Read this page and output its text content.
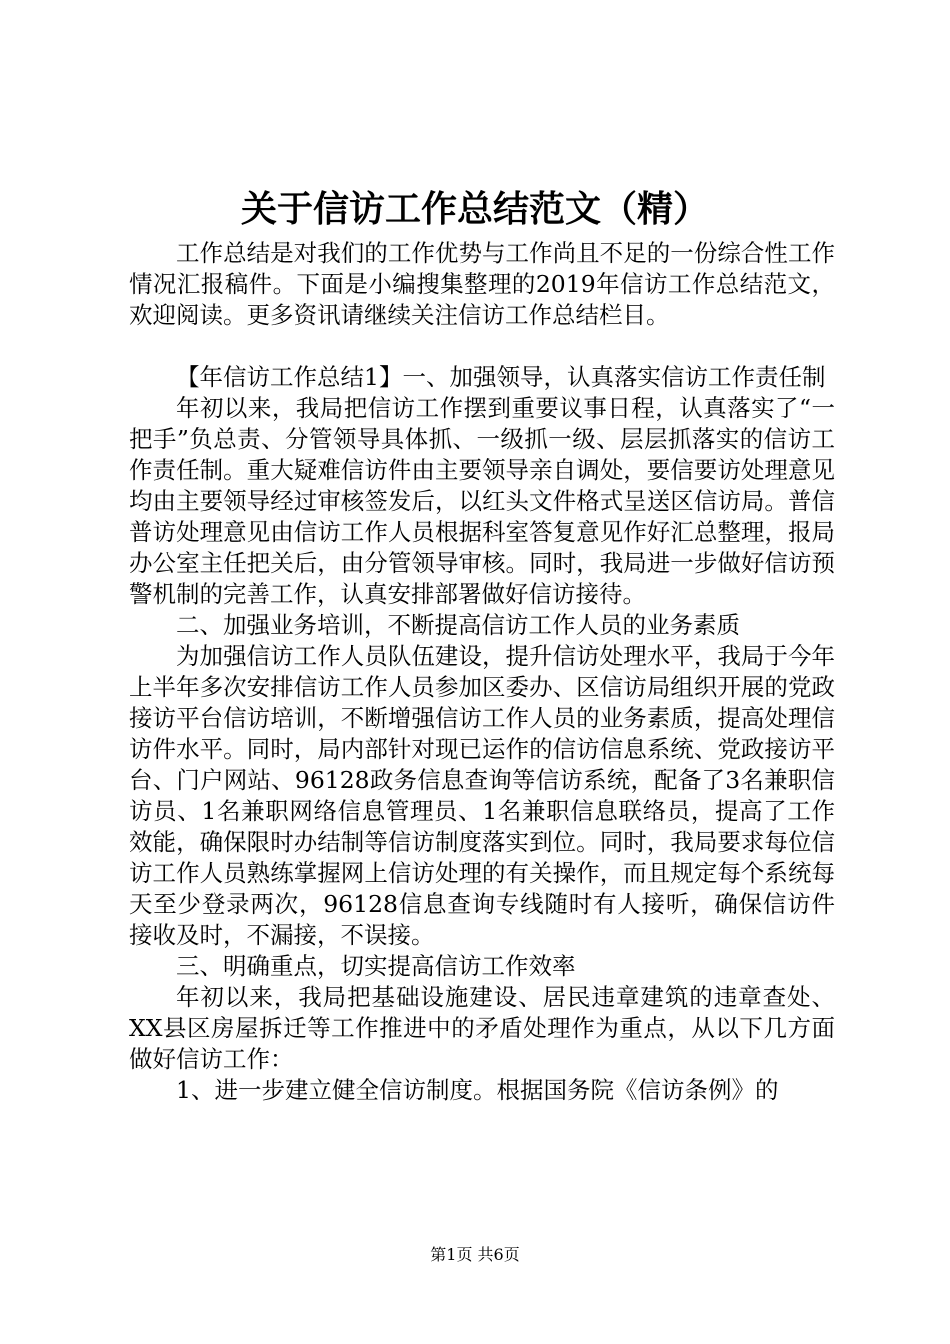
关于信访工作总结范文（精）

工作总结是对我们的工作优势与工作尚且不足的一份综合性工作情况汇报稿件。下面是小编搜集整理的2019年信访工作总结范文，欢迎阅读。更多资讯请继续关注信访工作总结栏目。

【年信访工作总结1】一、加强领导，认真落实信访工作责任制

年初以来，我局把信访工作摆到重要议事日程，认真落实了“一把手”负总责、分管领导具体抓、一级抓一级、层层抓落实的信访工作责任制。重大疑难信访件由主要领导亲自调处，要信要访处理意见均由主要领导经过审核签发后，以红头文件格式呈送区信访局。普信普访处理意见由信访工作人员根据科室答复意见作好汇总整理，报局办公室主任把关后，由分管领导审核。同时，我局进一步做好信访预警机制的完善工作，认真安排部署做好信访接待。

二、加强业务培训，不断提高信访工作人员的业务素质

为加强信访工作人员队伍建设，提升信访处理水平，我局于今年上半年多次安排信访工作人员参加区委办、区信访局组织开展的党政接访平台信访培训，不断增强信访工作人员的业务素质，提高处理信访件水平。同时，局内部针对现已运作的信访信息系统、党政接访平台、门户网站、96128政务信息查询等信访系统，配备了3名兼职信访员、1名兼职网络信息管理员、1名兼职信息联络员，提高了工作效能，确保限时办结制等信访制度落实到位。同时，我局要求每位信访工作人员熟练掌握网上信访处理的有关操作，而且规定每个系统每天至少登录两次，96128信息查询专线随时有人接听，确保信访件接收及时，不漏接，不误接。

三、明确重点，切实提高信访工作效率

年初以来，我局把基础设施建设、居民违章建筑的违章查处、XX县区房屋拆迁等工作推进中的矛盾处理作为重点，从以下几方面做好信访工作：

1、进一步建立健全信访制度。根据国务院《信访条例》的

第1页 共6页
